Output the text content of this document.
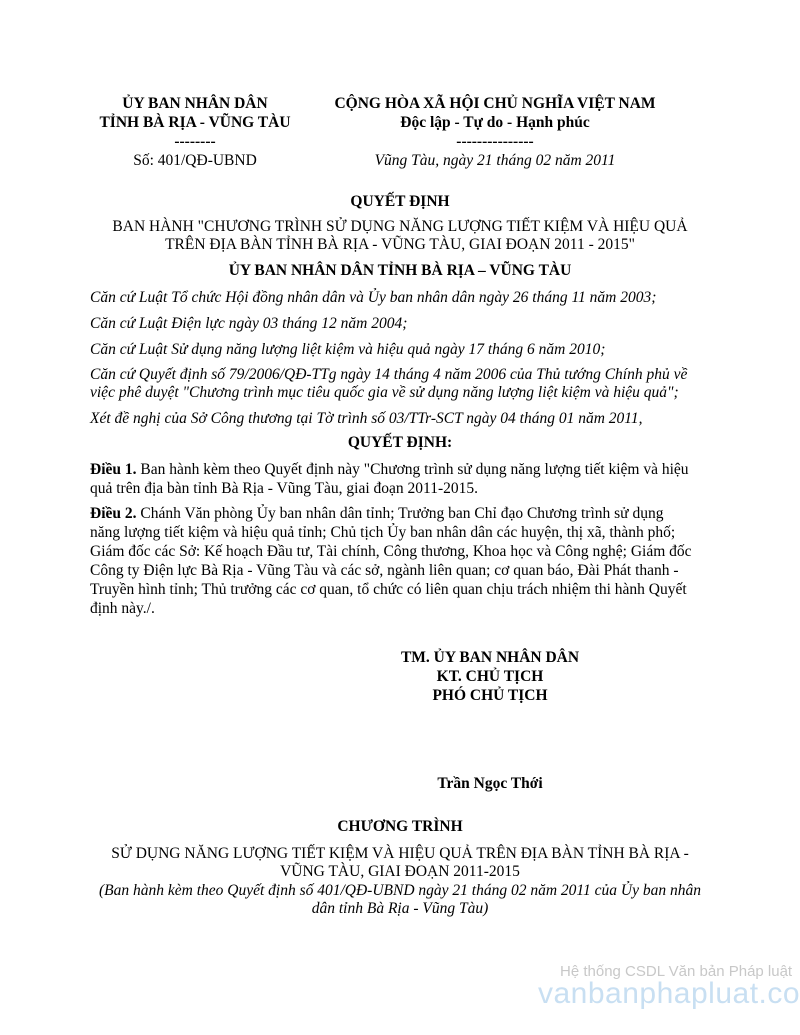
ỦY BAN NHÂN DÂN
TỈNH BÀ RỊA - VŨNG TÀU
--------
Số: 401/QĐ-UBND
CỘNG HÒA XÃ HỘI CHỦ NGHĨA VIỆT NAM
Độc lập - Tự do - Hạnh phúc
---------------
Vũng Tàu, ngày 21 tháng 02 năm 2011
QUYẾT ĐỊNH
BAN HÀNH "CHƯƠNG TRÌNH SỬ DỤNG NĂNG LƯỢNG TIẾT KIỆM VÀ HIỆU QUẢ
TRÊN ĐỊA BÀN TỈNH BÀ RỊA - VŨNG TÀU, GIAI ĐOẠN 2011 - 2015"
ỦY BAN NHÂN DÂN TỈNH BÀ RỊA – VŨNG TÀU
Căn cứ Luật Tổ chức Hội đồng nhân dân và Ủy ban nhân dân ngày 26 tháng 11 năm 2003;
Căn cứ Luật Điện lực ngày 03 tháng 12 năm 2004;
Căn cứ Luật Sử dụng năng lượng liệt kiệm và hiệu quả ngày 17 tháng 6 năm 2010;
Căn cứ Quyết định số 79/2006/QĐ-TTg ngày 14 tháng 4 năm 2006 của Thủ tướng Chính phủ về
việc phê duyệt "Chương trình mục tiêu quốc gia về sử dụng năng lượng liệt kiệm và hiệu quả";
Xét đề nghị của Sở Công thương tại Tờ trình số 03/TTr-SCT ngày 04 tháng 01 năm 2011,
QUYẾT ĐỊNH:
Điều 1. Ban hành kèm theo Quyết định này "Chương trình sử dụng năng lượng tiết kiệm và hiệu
quả trên địa bàn tỉnh Bà Rịa - Vũng Tàu, giai đoạn 2011-2015.
Điều 2. Chánh Văn phòng Ủy ban nhân dân tỉnh; Trưởng ban Chỉ đạo Chương trình sử dụng
năng lượng tiết kiệm và hiệu quả tỉnh; Chủ tịch Ủy ban nhân dân các huyện, thị xã, thành phố;
Giám đốc các Sở: Kế hoạch Đầu tư, Tài chính, Công thương, Khoa học và Công nghệ; Giám đốc
Công ty Điện lực Bà Rịa - Vũng Tàu và các sở, ngành liên quan; cơ quan báo, Đài Phát thanh -
Truyền hình tỉnh; Thủ trưởng các cơ quan, tổ chức có liên quan chịu trách nhiệm thi hành Quyết
định này./.
TM. ỦY BAN NHÂN DÂN
KT. CHỦ TỊCH
PHÓ CHỦ TỊCH
Trần Ngọc Thới
CHƯƠNG TRÌNH
SỬ DỤNG NĂNG LƯỢNG TIẾT KIỆM VÀ HIỆU QUẢ TRÊN ĐỊA BÀN TỈNH BÀ RỊA -
VŨNG TÀU, GIAI ĐOẠN 2011-2015
(Ban hành kèm theo Quyết định số 401/QĐ-UBND ngày 21 tháng 02 năm 2011 của Ủy ban nhân
dân tỉnh Bà Rịa - Vũng Tàu)
Hệ thống CSDL Văn bản Pháp luật
vanbanphapluat.co
